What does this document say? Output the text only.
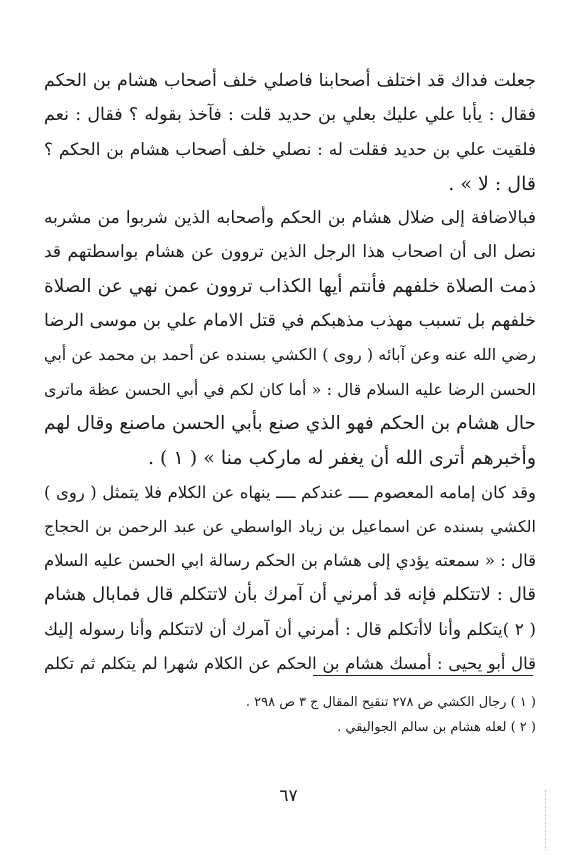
جعلت فداك قد اختلف أصحابنا فاصلي خلف أصحاب هشام بن الحكم
فقال : يأبا علي عليك بعلي بن حديد قلت : فآخذ بقوله ؟ فقال : نعم
فلقيت علي بن حديد فقلت له : نصلي خلف أصحاب هشام بن الحكم ؟
قال : لا » .
فبالاضافة إلى ضلال هشام بن الحكم وأصحابه الذين شربوا من مشربه
نصل الى أن اصحاب هذا الرجل الذين تروون عن هشام بواسطتهم قد
ذمت الصلاة خلفهم فأنتم أيها الكذاب تروون عمن نهي عن الصلاة
خلفهم بل تسبب مهذب مذهبكم في قتل الامام علي بن موسى الرضا
رضي الله عنه وعن آبائه ( روى ) الكشي بسنده عن أحمد بن محمد عن أبي
الحسن الرضا عليه السلام قال : « أما كان لكم في أبي الحسن عظة ماترى
حال هشام بن الحكم فهو الذي صنع بأبي الحسن ماصنع وقال لهم
وأخبرهم أترى الله أن يغفر له ماركب منا » ( ١ ) .
وقد كان إمامه المعصوم ــــ عندكم ــــ ينهاه عن الكلام فلا يتمثل ( روى )
الكشي بسنده عن اسماعيل بن زياد الواسطي عن عبد الرحمن بن الحجاج
قال : « سمعته يؤدي إلى هشام بن الحكم رسالة ابي الحسن عليه السلام
قال : لاتتكلم فإنه قد أمرني أن آمرك بأن لاتتكلم قال فمابال هشام
( ٢ )يتكلم وأنا لاأتكلم قال : أمرني أن آمرك أن لاتتكلم وأنا رسوله إليك
قال أبو يحيى : أمسك هشام بن الحكم عن الكلام شهرا لم يتكلم ثم تكلم
( ١ ) رجال الكشي ص ٢٧٨ تنقيح المقال ج ٣ ص ٢٩٨ .
( ٢ ) لعله هشام بن سالم الجواليقي .
٦٧
